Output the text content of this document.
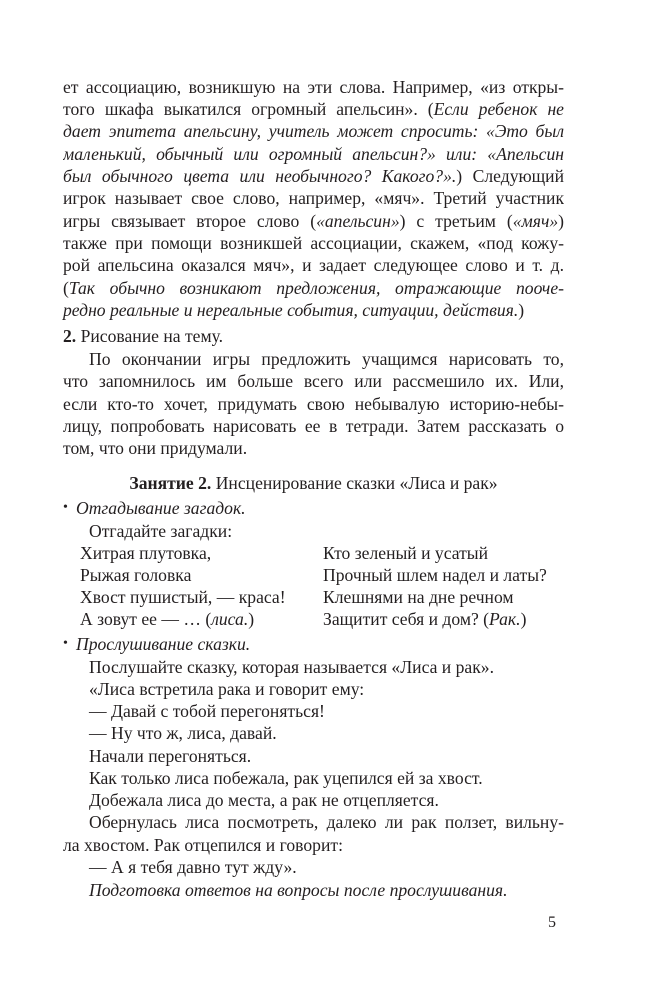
ет ассоциацию, возникшую на эти слова. Например, «из откры-
того шкафа выкатился огромный апельсин». (Если ребенок не
дает эпитета апельсину, учитель может спросить: «Это был
маленький, обычный или огромный апельсин?» или: «Апельсин
был обычного цвета или необычного? Какого?».) Следующий
игрок называет свое слово, например, «мяч». Третий участник
игры связывает второе слово («апельсин») с третьим («мяч»)
также при помощи возникшей ассоциации, скажем, «под кожу-
рой апельсина оказался мяч», и задает следующее слово и т. д.
(Так обычно возникают предложения, отражающие пооче-
редно реальные и нереальные события, ситуации, действия.)
2. Рисование на тему.
По окончании игры предложить учащимся нарисовать то,
что запомнилось им больше всего или рассмешило их. Или,
если кто-то хочет, придумать свою небывалую историю-небы-
лицу, попробовать нарисовать ее в тетради. Затем рассказать о
том, что они придумали.
Занятие 2. Инсценирование сказки «Лиса и рак»
• Отгадывание загадок.
Отгадайте загадки:
Хитрая плутовка,
Рыжая головка
Хвост пушистый, — краса!
А зовут ее — … (лиса.)
Кто зеленый и усатый
Прочный шлем надел и латы?
Клешнями на дне речном
Защитит себя и дом? (Рак.)
• Прослушивание сказки.
Послушайте сказку, которая называется «Лиса и рак».
«Лиса встретила рака и говорит ему:
— Давай с тобой перегоняться!
— Ну что ж, лиса, давай.
Начали перегоняться.
Как только лиса побежала, рак уцепился ей за хвост.
Добежала лиса до места, а рак не отцепляется.
Обернулась лиса посмотреть, далеко ли рак ползет, вильну-
ла хвостом. Рак отцепился и говорит:
— А я тебя давно тут жду».
Подготовка ответов на вопросы после прослушивания.
5
